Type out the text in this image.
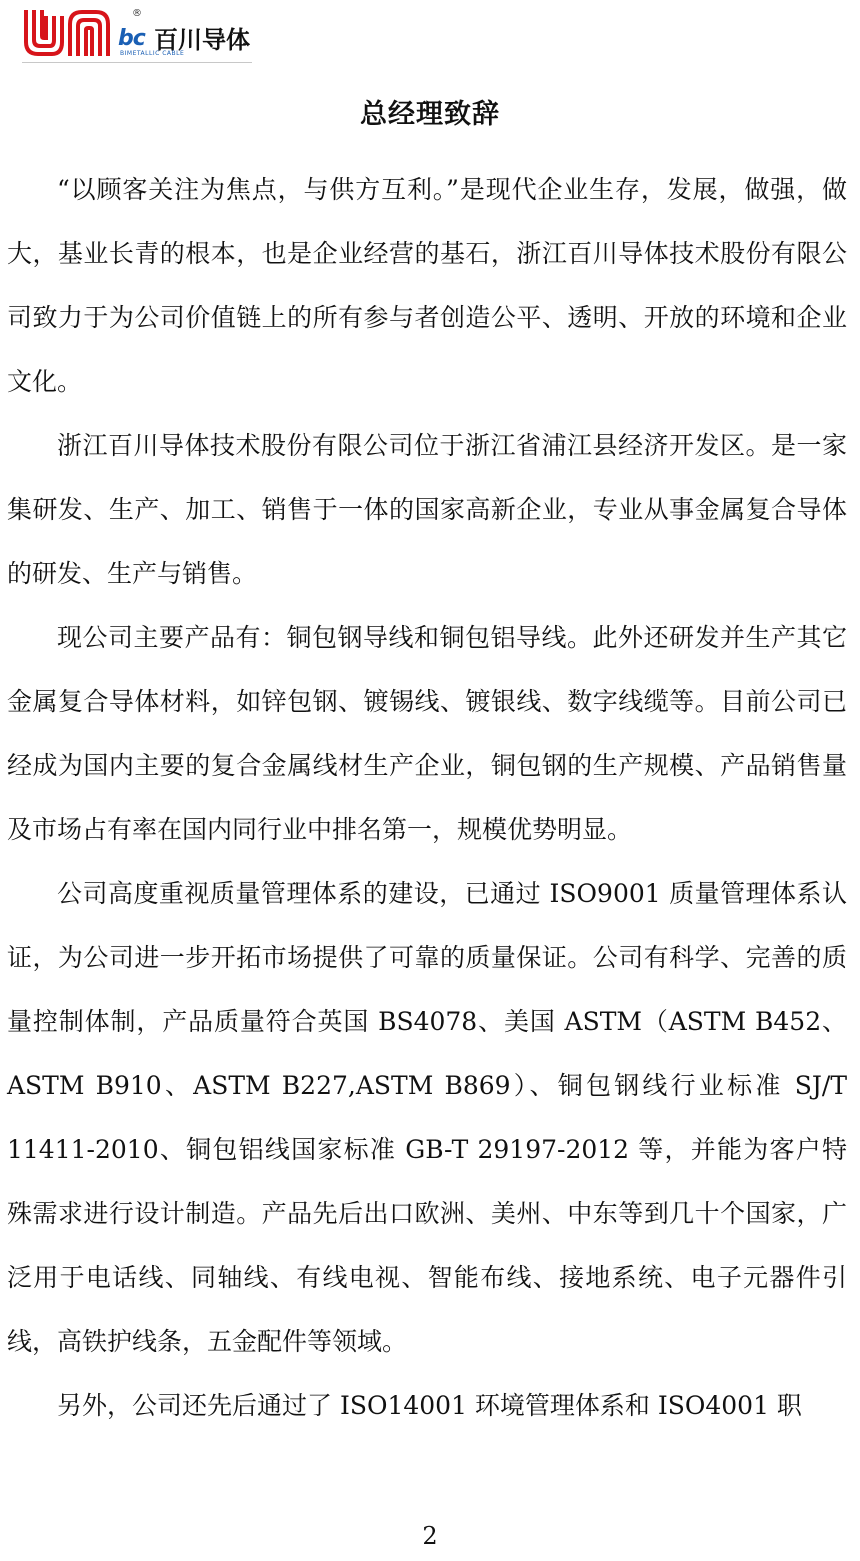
®
bc 百川导体
BIMETALLIC CABLE
总经理致辞

“以顾客关注为焦点，与供方互利。”是现代企业生存，发展，做强，做大，基业长青的根本，也是企业经营的基石，浙江百川导体技术股份有限公司致力于为公司价值链上的所有参与者创造公平、透明、开放的环境和企业文化。

浙江百川导体技术股份有限公司位于浙江省浦江县经济开发区。是一家集研发、生产、加工、销售于一体的国家高新企业，专业从事金属复合导体的研发、生产与销售。

现公司主要产品有：铜包钢导线和铜包铝导线。此外还研发并生产其它金属复合导体材料，如锌包钢、镀锡线、镀银线、数字线缆等。目前公司已经成为国内主要的复合金属线材生产企业，铜包钢的生产规模、产品销售量及市场占有率在国内同行业中排名第一，规模优势明显。

公司高度重视质量管理体系的建设，已通过 ISO9001 质量管理体系认证，为公司进一步开拓市场提供了可靠的质量保证。公司有科学、完善的质量控制体制，产品质量符合英国 BS4078、美国 ASTM（ASTM B452、ASTM B910、ASTM B227,ASTM B869）、铜包钢线行业标准 SJ/T 11411-2010、铜包铝线国家标准 GB-T 29197-2012 等，并能为客户特殊需求进行设计制造。产品先后出口欧洲、美州、中东等到几十个国家，广泛用于电话线、同轴线、有线电视、智能布线、接地系统、电子元器件引线，高铁护线条，五金配件等领域。

另外，公司还先后通过了 ISO14001 环境管理体系和 ISO4001 职

2
